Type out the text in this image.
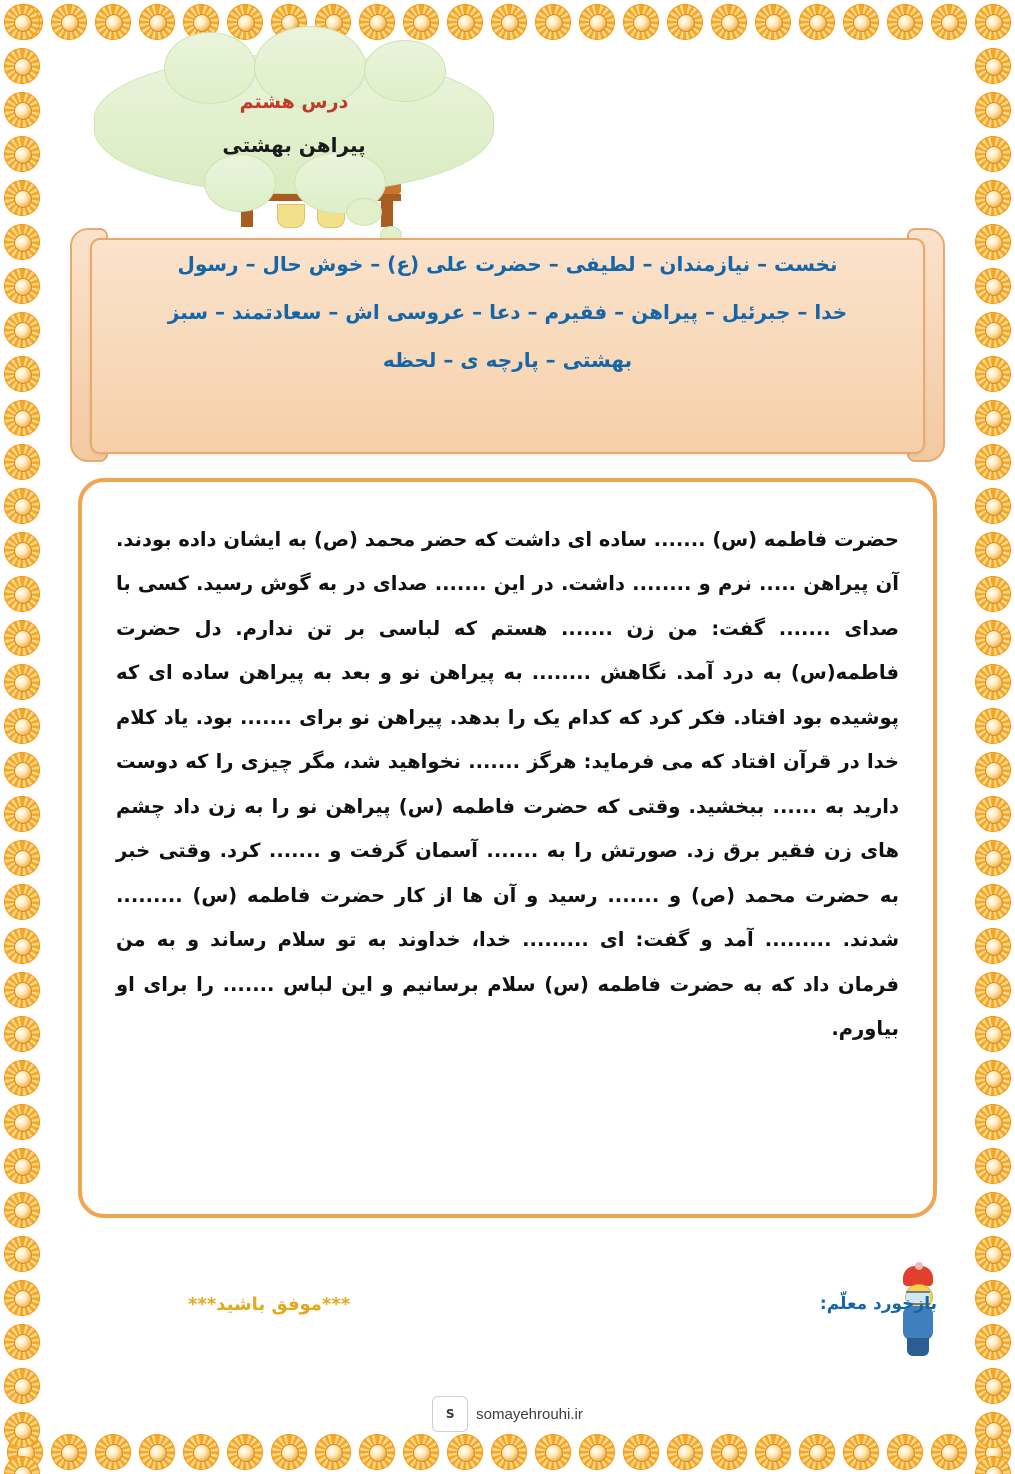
درس هشتم
پیراهن بهشتی
نخست – نیازمندان – لطیفی – حضرت علی (ع) – خوش حال – رسول
خدا – جبرئیل – پیراهن – فقیرم – دعا – عروسی اش – سعادتمند – سبز
بهشتی – پارچه ی – لحظه

حضرت فاطمه (س) ....... ساده ای داشت که حضر محمد (ص) به ایشان داده بودند. آن پیراهن ..... نرم و ........ داشت. در این ....... صدای در به گوش رسید. کسی با صدای ....... گفت: من زن ....... هستم که لباسی بر تن ندارم. دل حضرت فاطمه(س) به درد آمد. نگاهش ........ به پیراهن نو و بعد به پیراهن ساده ای که پوشیده بود افتاد. فکر کرد که کدام یک را بدهد. پیراهن نو برای ....... بود. یاد کلام خدا در قرآن افتاد که می فرماید: هرگز ....... نخواهید شد، مگر چیزی را که دوست دارید به ...... ببخشید. وقتی که حضرت فاطمه (س) پیراهن نو را به زن داد چشم های زن فقیر برق زد. صورتش را به ....... آسمان گرفت و ....... کرد. وقتی خبر به حضرت محمد (ص) و ....... رسید و آن ها از کار حضرت فاطمه (س) ......... شدند. ......... آمد و گفت: ای ......... خدا، خداوند به تو سلام رساند و به من فرمان داد که به حضرت فاطمه (س) سلام برسانیم و این لباس ....... را برای او بیاورم.

بازخورد معلّم:
***موفق باشید***
S	somayehrouhi.ir
